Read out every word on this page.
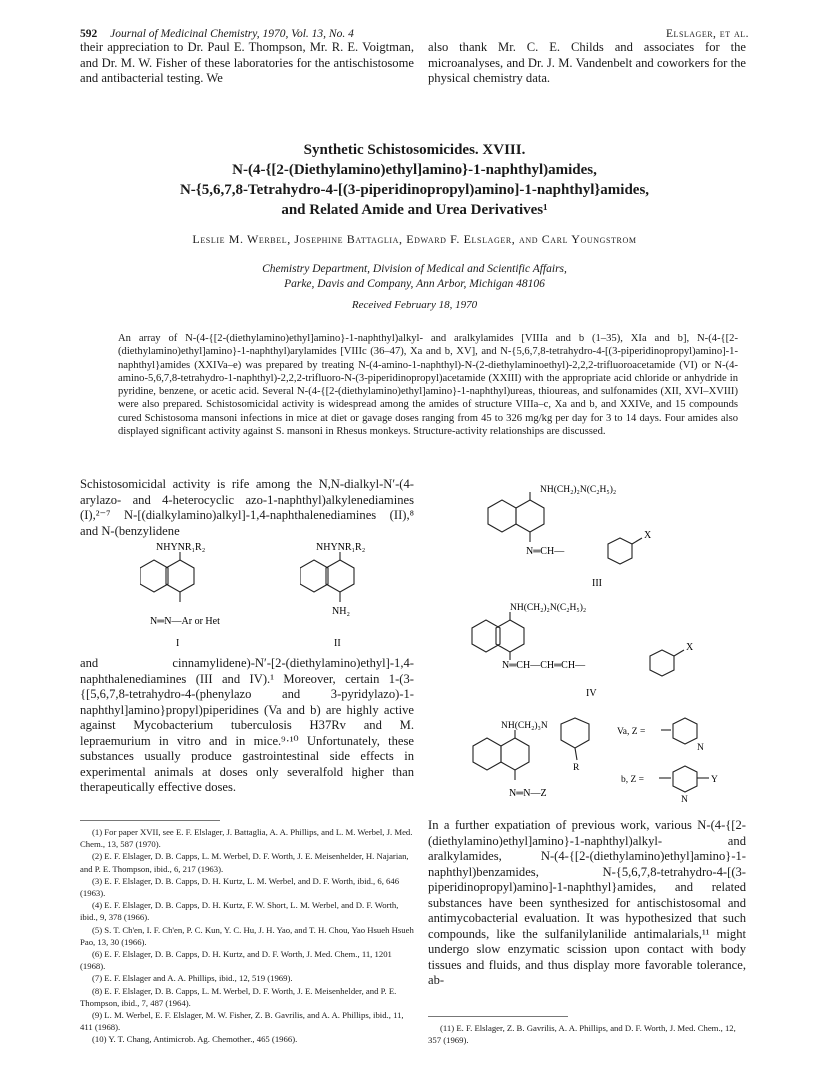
592 Journal of Medicinal Chemistry, 1970, Vol. 13, No. 4	Elslager, et al.
their appreciation to Dr. Paul E. Thompson, Mr. R. E. Voigtman, and Dr. M. W. Fisher of these laboratories for the antischistosome and antibacterial testing. We
also thank Mr. C. E. Childs and associates for the microanalyses, and Dr. J. M. Vandenbelt and coworkers for the physical chemistry data.
Synthetic Schistosomicides. XVIII.
N-(4-{[2-(Diethylamino)ethyl]amino}-1-naphthyl)amides,
N-{5,6,7,8-Tetrahydro-4-[(3-piperidinopropyl)amino]-1-naphthyl}amides,
and Related Amide and Urea Derivatives¹
Leslie M. Werbel, Josephine Battaglia, Edward F. Elslager, and Carl Youngstrom
Chemistry Department, Division of Medical and Scientific Affairs,
Parke, Davis and Company, Ann Arbor, Michigan 48106
Received February 18, 1970
An array of N-(4-{[2-(diethylamino)ethyl]amino}-1-naphthyl)alkyl- and aralkylamides [VIIIa and b (1–35), XIa and b], N-(4-{[2-(diethylamino)ethyl]amino}-1-naphthyl)arylamides [VIIIc (36–47), Xa and b, XV], and N-{5,6,7,8-tetrahydro-4-[(3-piperidinopropyl)amino]-1-naphthyl}amides (XXIVa–e) was prepared by treating N-(4-amino-1-naphthyl)-N-(2-diethylaminoethyl)-2,2,2-trifluoroacetamide (VI) or N-(4-amino-5,6,7,8-tetrahydro-1-naphthyl)-2,2,2-trifluoro-N-(3-piperidinopropyl)acetamide (XXIII) with the appropriate acid chloride or anhydride in pyridine, benzene, or acetic acid. Several N-(4-{[2-(diethylamino)ethyl]amino}-1-naphthyl)ureas, thioureas, and sulfonamides (XII, XVI–XVIII) were also prepared. Schistosomicidal activity is widespread among the amides of structure VIIIa–c, Xa and b, and XXIVe, and 15 compounds cured Schistosoma mansoni infections in mice at diet or gavage doses ranging from 45 to 326 mg/kg per day for 3 to 14 days. Four amides also displayed significant activity against S. mansoni in Rhesus monkeys. Structure-activity relationships are discussed.
Schistosomicidal activity is rife among the N,N-dialkyl-N′-(4-arylazo- and 4-heterocyclic azo-1-naphthyl)alkylenediamines (I),²⁻⁷ N-[(dialkylamino)alkyl]-1,4-naphthalenediamines (II),⁸ and N-(benzylidene
and cinnamylidene)-N′-[2-(diethylamino)ethyl]-1,4-naphthalenediamines (III and IV).¹ Moreover, certain 1-(3-{[5,6,7,8-tetrahydro-4-(phenylazo and 3-pyridylazo)-1-naphthyl]amino}propyl)piperidines (Va and b) are highly active against Mycobacterium tuberculosis H37Rv and M. lepraemurium in vitro and in mice.⁹·¹⁰ Unfortunately, these substances usually produce gastrointestinal side effects in experimental animals at doses only severalfold higher than therapeutically effective doses.
In a further expatiation of previous work, various N-(4-{[2-(diethylamino)ethyl]amino}-1-naphthyl)alkyl- and aralkylamides, N-(4-{[2-(diethylamino)ethyl]amino}-1-naphthyl)benzamides, N-{5,6,7,8-tetrahydro-4-[(3-piperidinopropyl)amino]-1-naphthyl}amides, and related substances have been synthesized for antischistosomal and antimycobacterial evaluation. It was hypothesized that such compounds, like the sulfanilylanilide antimalarials,¹¹ might undergo slow enzymatic scission upon contact with body tissues and fluids, and thus display more favorable tolerance, ab-
NHYNR₁R₂
N═N—Ar or Het
I
NHYNR₁R₂
NH₂
II
NH(CH₂)₂N(C₂H₅)₂
N═CH—
X
III
NH(CH₂)₂N(C₂H₅)₂
N═CH—CH═CH—
X
IV
NH(CH₂)₃N
R
N═N—Z
Va, Z =
N
b, Z =
N
Y

(1) For paper XVII, see E. F. Elslager, J. Battaglia, A. A. Phillips, and L. M. Werbel, J. Med. Chem., 13, 587 (1970).

(2) E. F. Elslager, D. B. Capps, L. M. Werbel, D. F. Worth, J. E. Meisenhelder, H. Najarian, and P. E. Thompson, ibid., 6, 217 (1963).

(3) E. F. Elslager, D. B. Capps, D. H. Kurtz, L. M. Werbel, and D. F. Worth, ibid., 6, 646 (1963).

(4) E. F. Elslager, D. B. Capps, D. H. Kurtz, F. W. Short, L. M. Werbel, and D. F. Worth, ibid., 9, 378 (1966).

(5) S. T. Ch'en, I. F. Ch'en, P. C. Kun, Y. C. Hu, J. H. Yao, and T. H. Chou, Yao Hsueh Hsueh Pao, 13, 30 (1966).

(6) E. F. Elslager, D. B. Capps, D. H. Kurtz, and D. F. Worth, J. Med. Chem., 11, 1201 (1968).

(7) E. F. Elslager and A. A. Phillips, ibid., 12, 519 (1969).

(8) E. F. Elslager, D. B. Capps, L. M. Werbel, D. F. Worth, J. E. Meisenhelder, and P. E. Thompson, ibid., 7, 487 (1964).

(9) L. M. Werbel, E. F. Elslager, M. W. Fisher, Z. B. Gavrilis, and A. A. Phillips, ibid., 11, 411 (1968).

(10) Y. T. Chang, Antimicrob. Ag. Chemother., 465 (1966).

(11) E. F. Elslager, Z. B. Gavrilis, A. A. Phillips, and D. F. Worth, J. Med. Chem., 12, 357 (1969).
